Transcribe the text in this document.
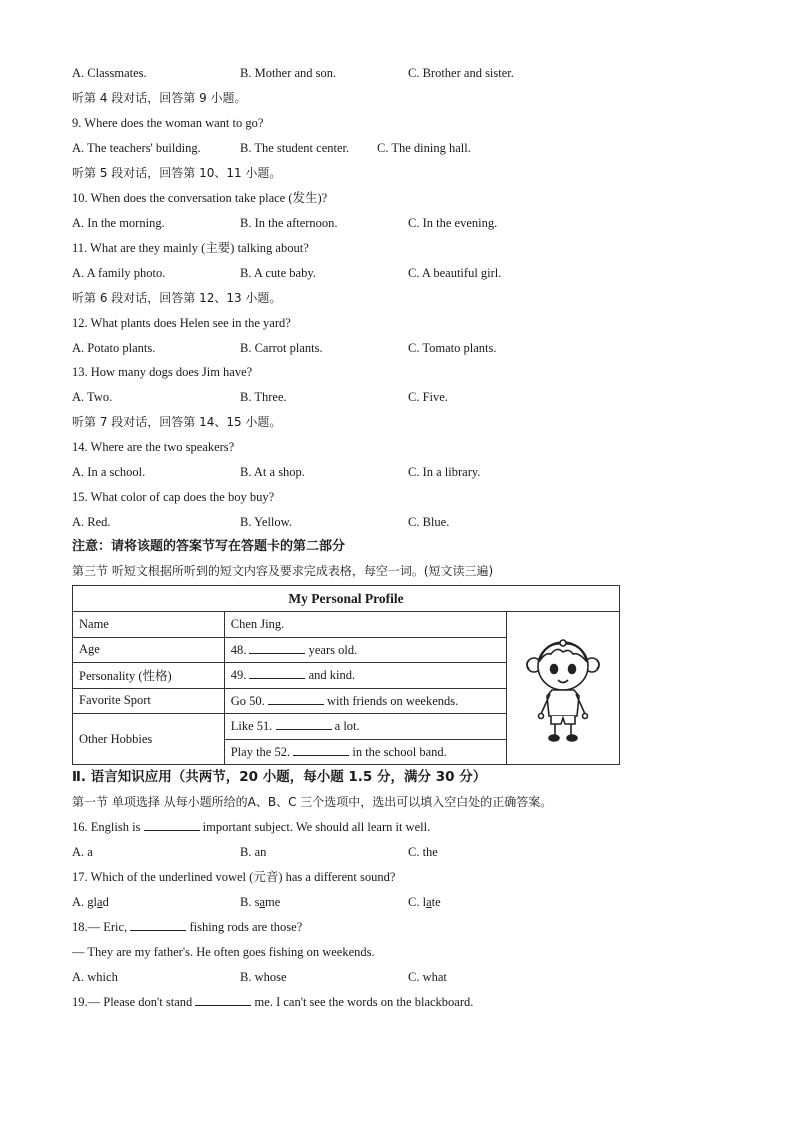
A. Classmates.	B. Mother and son.	C. Brother and sister.
听第 4 段对话，回答第 9 小题。
9. Where does the woman want to go?
A. The teachers' building.	B. The student center. C. The dining hall.
听第 5 段对话，回答第 10、11 小题。
10. When does the conversation take place (发生)?
A. In the morning.	B. In the afternoon.	C. In the evening.
11. What are they mainly (主要) talking about?
A. A family photo.	B. A cute baby.	C. A beautiful girl.
听第 6 段对话，回答第 12、13 小题。
12. What plants does Helen see in the yard?
A. Potato plants.	B. Carrot plants.	C. Tomato plants.
13. How many dogs does Jim have?
A. Two.	B. Three.	C. Five.
听第 7 段对话，回答第 14、15 小题。
14. Where are the two speakers?
A. In a school.	B. At a shop.	C. In a library.
15. What color of cap does the boy buy?
A. Red.	B. Yellow.	C. Blue.
注意：请将该题的答案节写在答题卡的第二部分
第三节 听短文根据所听到的短文内容及要求完成表格，每空一词。(短文读三遍)
My Personal Profile		
Name	Chen Jing.	

Age	48. years old.	
Personality (性格)	49. and kind.	
Favorite Sport	Go 50. with friends on weekends.	
Other Hobbies	Like 51. a lot.	
	Play the 52. in the school band.	
Ⅱ. 语言知识应用（共两节，20 小题，每小题 1.5 分，满分 30 分）
第一节 单项选择 从每小题所给的A、B、C 三个选项中，选出可以填入空白处的正确答案。
16. English is	important subject. We should all learn it well.
A. a	B. an	C. the
17. Which of the underlined vowel (元音) has a different sound?
A. glad	B. same	C. late
18.— Eric,	fishing rods are those?
— They are my father's. He often goes fishing on weekends.
A. which	B. whose	C. what
19.— Please don't stand	me. I can't see the words on the blackboard.
